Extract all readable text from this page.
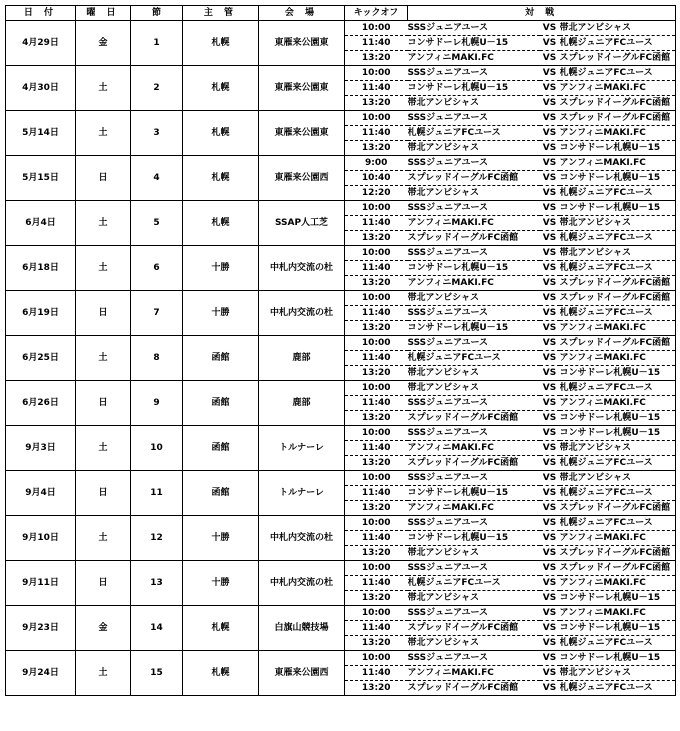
日 付	曜 日	節	主 管	会 場	キックオフ	対 戦		
4月29日	金	1	札幌	東雁来公園東	10:00	SSSジュニアユース	VS	帯北アンビシャス
					11:40	コンサドーレ札幌U－15	VS	札幌ジュニアFCユース
					13:20	アンフィニMAKI.FC	VS	スプレッドイーグルFC函館
4月30日	土	2	札幌	東雁来公園東	10:00	SSSジュニアユース	VS	札幌ジュニアFCユース
					11:40	コンサドーレ札幌U－15	VS	アンフィニMAKI.FC
					13:20	帯北アンビシャス	VS	スプレッドイーグルFC函館
5月14日	土	3	札幌	東雁来公園東	10:00	SSSジュニアユース	VS	スプレッドイーグルFC函館
					11:40	札幌ジュニアFCユース	VS	アンフィニMAKI.FC
					13:20	帯北アンビシャス	VS	コンサドーレ札幌U－15
5月15日	日	4	札幌	東雁来公園西	9:00	SSSジュニアユース	VS	アンフィニMAKI.FC
					10:40	スプレッドイーグルFC函館	VS	コンサドーレ札幌U－15
					12:20	帯北アンビシャス	VS	札幌ジュニアFCユース
6月4日	土	5	札幌	SSAP人工芝	10:00	SSSジュニアユース	VS	コンサドーレ札幌U－15
					11:40	アンフィニMAKI.FC	VS	帯北アンビシャス
					13:20	スプレッドイーグルFC函館	VS	札幌ジュニアFCユース
6月18日	土	6	十勝	中札内交流の杜	10:00	SSSジュニアユース	VS	帯北アンビシャス
					11:40	コンサドーレ札幌U－15	VS	札幌ジュニアFCユース
					13:20	アンフィニMAKI.FC	VS	スプレッドイーグルFC函館
6月19日	日	7	十勝	中札内交流の杜	10:00	帯北アンビシャス	VS	スプレッドイーグルFC函館
					11:40	SSSジュニアユース	VS	札幌ジュニアFCユース
					13:20	コンサドーレ札幌U－15	VS	アンフィニMAKI.FC
6月25日	土	8	函館	鹿部	10:00	SSSジュニアユース	VS	スプレッドイーグルFC函館
					11:40	札幌ジュニアFCユース	VS	アンフィニMAKI.FC
					13:20	帯北アンビシャス	VS	コンサドーレ札幌U－15
6月26日	日	9	函館	鹿部	10:00	帯北アンビシャス	VS	札幌ジュニアFCユース
					11:40	SSSジュニアユース	VS	アンフィニMAKI.FC
					13:20	スプレッドイーグルFC函館	VS	コンサドーレ札幌U－15
9月3日	土	10	函館	トルナーレ	10:00	SSSジュニアユース	VS	コンサドーレ札幌U－15
					11:40	アンフィニMAKI.FC	VS	帯北アンビシャス
					13:20	スプレッドイーグルFC函館	VS	札幌ジュニアFCユース
9月4日	日	11	函館	トルナーレ	10:00	SSSジュニアユース	VS	帯北アンビシャス
					11:40	コンサドーレ札幌U－15	VS	札幌ジュニアFCユース
					13:20	アンフィニMAKI.FC	VS	スプレッドイーグルFC函館
9月10日	土	12	十勝	中札内交流の杜	10:00	SSSジュニアユース	VS	札幌ジュニアFCユース
					11:40	コンサドーレ札幌U－15	VS	アンフィニMAKI.FC
					13:20	帯北アンビシャス	VS	スプレッドイーグルFC函館
9月11日	日	13	十勝	中札内交流の杜	10:00	SSSジュニアユース	VS	スプレッドイーグルFC函館
					11:40	札幌ジュニアFCユース	VS	アンフィニMAKI.FC
					13:20	帯北アンビシャス	VS	コンサドーレ札幌U－15
9月23日	金	14	札幌	白旗山競技場	10:00	SSSジュニアユース	VS	アンフィニMAKI.FC
					11:40	スプレッドイーグルFC函館	VS	コンサドーレ札幌U－15
					13:20	帯北アンビシャス	VS	札幌ジュニアFCユース
9月24日	土	15	札幌	東雁来公園西	10:00	SSSジュニアユース	VS	コンサドーレ札幌U－15
					11:40	アンフィニMAKI.FC	VS	帯北アンビシャス
					13:20	スプレッドイーグルFC函館	VS	札幌ジュニアFCユース
